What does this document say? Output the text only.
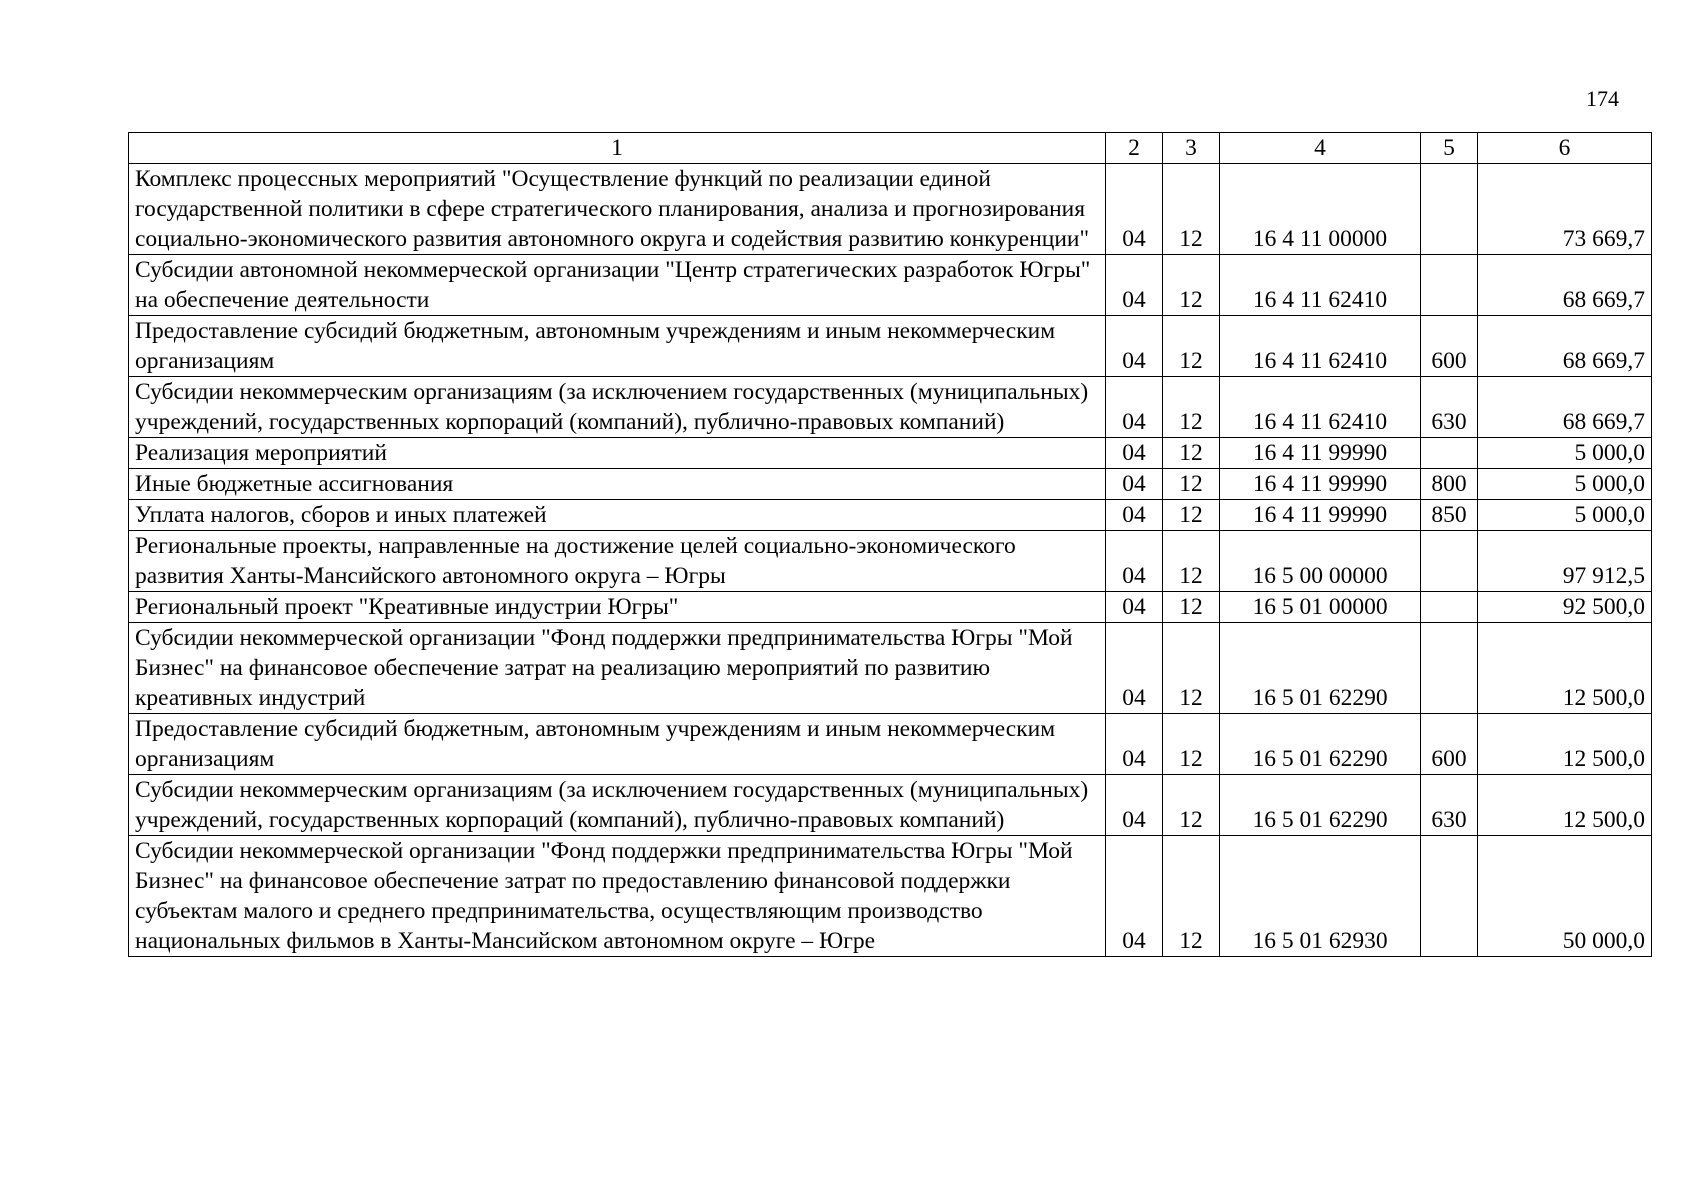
174
1	2	3	4	5	6
Комплекс процессных мероприятий "Осуществление функций по реализации единой государственной политики в сфере стратегического планирования, анализа и прогнозирования социально-экономического развития автономного округа и содействия развитию конкуренции"	04	12	16 4 11 00000		73 669,7
Субсидии автономной некоммерческой организации "Центр стратегических разработок Югры" на обеспечение деятельности	04	12	16 4 11 62410		68 669,7
Предоставление субсидий бюджетным, автономным учреждениям и иным некоммерческим организациям	04	12	16 4 11 62410	600	68 669,7
Субсидии некоммерческим организациям (за исключением государственных (муниципальных) учреждений, государственных корпораций (компаний), публично-правовых компаний)	04	12	16 4 11 62410	630	68 669,7
Реализация мероприятий	04	12	16 4 11 99990		5 000,0
Иные бюджетные ассигнования	04	12	16 4 11 99990	800	5 000,0
Уплата налогов, сборов и иных платежей	04	12	16 4 11 99990	850	5 000,0
Региональные проекты, направленные на достижение целей социально-экономического развития Ханты-Мансийского автономного округа – Югры	04	12	16 5 00 00000		97 912,5
Региональный проект "Креативные индустрии Югры"	04	12	16 5 01 00000		92 500,0
Субсидии некоммерческой организации "Фонд поддержки предпринимательства Югры "Мой Бизнес" на финансовое обеспечение затрат на реализацию мероприятий по развитию креативных индустрий	04	12	16 5 01 62290		12 500,0
Предоставление субсидий бюджетным, автономным учреждениям и иным некоммерческим организациям	04	12	16 5 01 62290	600	12 500,0
Субсидии некоммерческим организациям (за исключением государственных (муниципальных) учреждений, государственных корпораций (компаний), публично-правовых компаний)	04	12	16 5 01 62290	630	12 500,0
Субсидии некоммерческой организации "Фонд поддержки предпринимательства Югры "Мой Бизнес" на финансовое обеспечение затрат по предоставлению финансовой поддержки субъектам малого и среднего предпринимательства, осуществляющим производство национальных фильмов в Ханты-Мансийском автономном округе – Югре	04	12	16 5 01 62930		50 000,0
